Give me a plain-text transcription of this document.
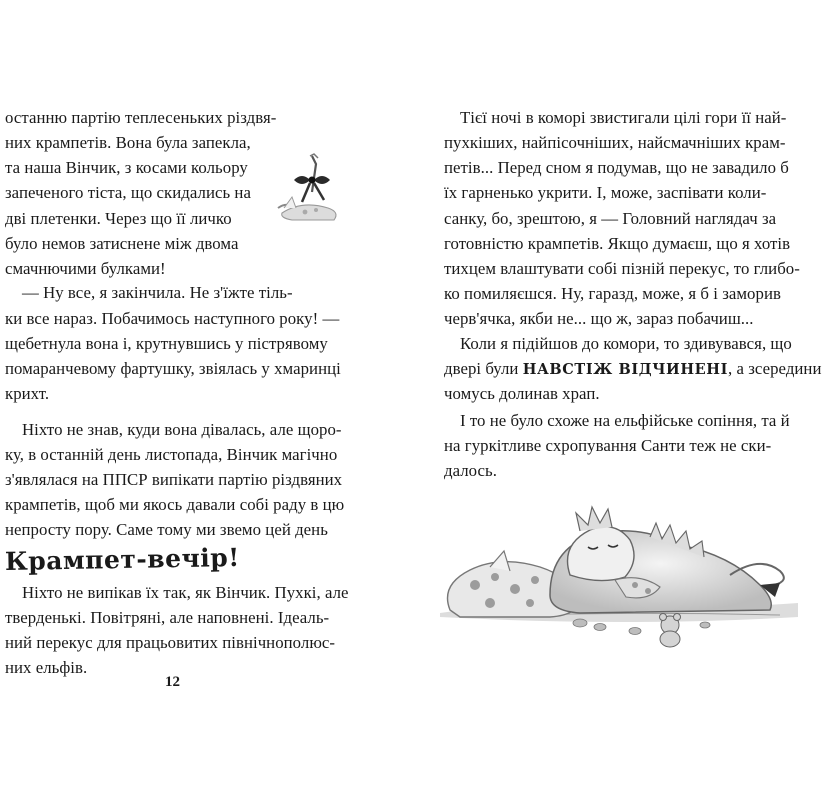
останню партію теплесеньких різдвя-
них крампетів. Вона була запекла,
та наша Вінчик, з косами кольору
запеченого тіста, що скидались на
дві плетенки. Через що її личко
було немов затиснене між двома
смачнючими булками!
— Ну все, я закінчила. Не з'їжте тіль-
ки все нараз. Побачимось наступного року! —
щебетнула вона і, крутнувшись у пістрявому
помаранчевому фартушку, звіялась у хмаринці
крихт.
Ніхто не знав, куди вона дівалась, але щоро-
ку, в останній день листопада, Вінчик магічно
з'являлася на ППСР випікати партію різдвяних
крампетів, щоб ми якось давали собі раду в цю
непросту пору. Саме тому ми звемо цей день
Крампет-вечір!
Ніхто не випікав їх так, як Вінчик. Пухкі, але
тверденькі. Повітряні, але наповнені. Ідеаль-
ний перекус для працьовитих північнополюс-
них ельфів.
12
Тієї ночі в коморі звистигали цілі гори її най-
пухкіших, найпісочніших, найсмачніших крам-
петів... Перед сном я подумав, що не завадило б
їх гарненько укрити. І, може, заспівати коли-
санку, бо, зрештою, я — Головний наглядач за
готовністю крампетів. Якщо думаєш, що я хотів
тихцем влаштувати собі пізній перекус, то глибо-
ко помиляєшся. Ну, гаразд, може, я б і заморив
черв'ячка, якби не... що ж, зараз побачиш...
Коли я підійшов до комори, то здивувався, що
двері були НАВСТІЖ ВІДЧИНЕНІ, а зсередини
чомусь долинав храп.
І то не було схоже на ельфійське сопіння, та й
на гуркітливе схропування Санти теж не ски-
далось.
